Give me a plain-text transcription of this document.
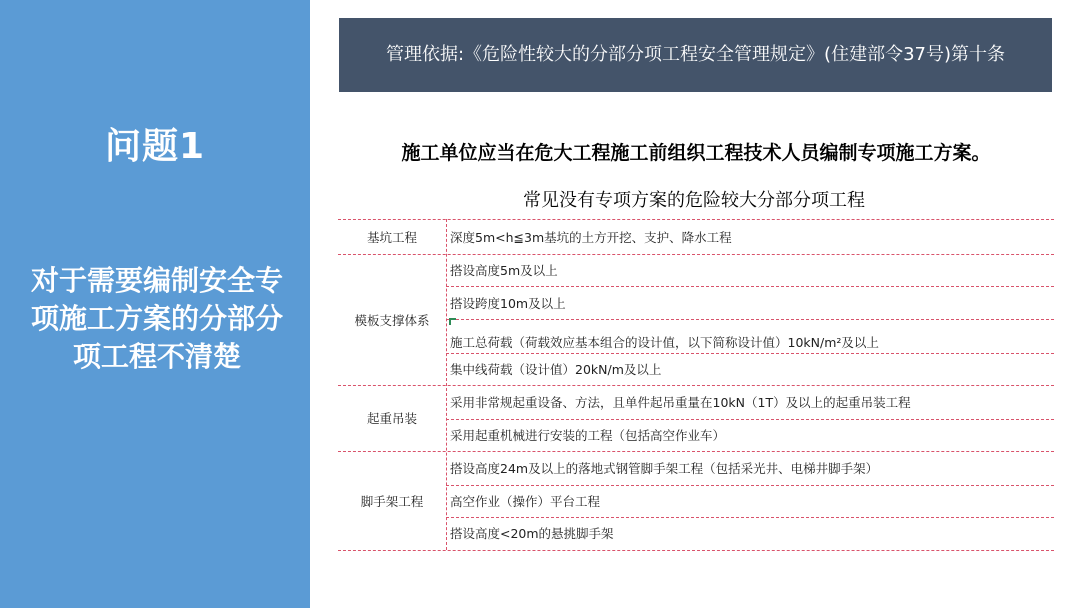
问题1
对于需要编制安全专项施工方案的分部分项工程不清楚
管理依据:《危险性较大的分部分项工程安全管理规定》(住建部令37号)第十条
施工单位应当在危大工程施工前组织工程技术人员编制专项施工方案。
常见没有专项方案的危险较大分部分项工程
基坑工程
模板支撑体系
起重吊装
脚手架工程
深度5m<h≦3m基坑的土方开挖、支护、降水工程
搭设高度5m及以上
搭设跨度10m及以上
施工总荷载（荷载效应基本组合的设计值，以下简称设计值）10kN/m²及以上
集中线荷载（设计值）20kN/m及以上
采用非常规起重设备、方法，且单件起吊重量在10kN（1T）及以上的起重吊装工程
采用起重机械进行安装的工程（包括高空作业车）
搭设高度24m及以上的落地式钢管脚手架工程（包括采光井、电梯井脚手架）
高空作业（操作）平台工程
搭设高度<20m的悬挑脚手架
